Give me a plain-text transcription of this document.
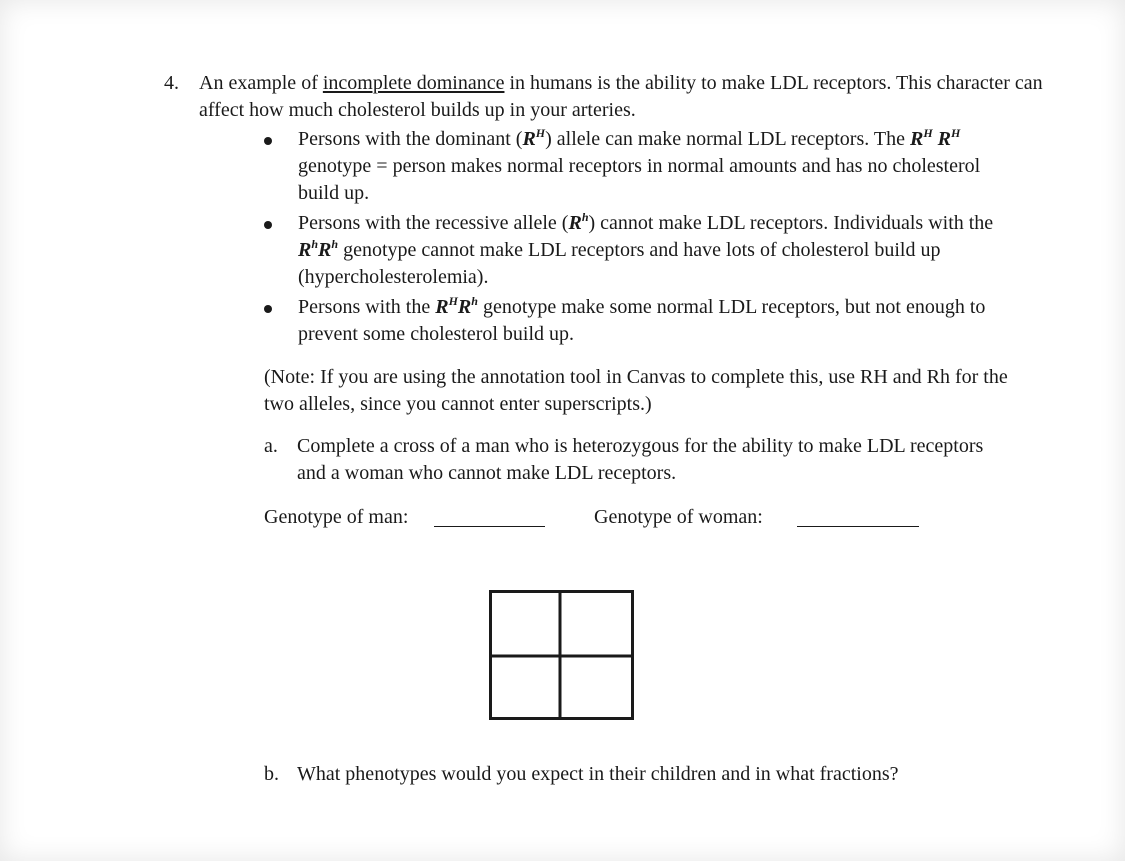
4. An example of incomplete dominance in humans is the ability to make LDL receptors. This character can affect how much cholesterol builds up in your arteries.
Persons with the dominant $(R^H)$ allele can make normal LDL receptors. The $R^H$ $R^H$ genotype = person makes normal receptors in normal amounts and has no cholesterol build up.
Persons with the recessive allele $(R^h)$ cannot make LDL receptors. Individuals with the $R^hR^h$ genotype cannot make LDL receptors and have lots of cholesterol build up (hypercholesterolemia).
Persons with the $R^HR^h$ genotype make some normal LDL receptors, but not enough to prevent some cholesterol build up.
(Note: If you are using the annotation tool in Canvas to complete this, use RH and Rh for the two alleles, since you cannot enter superscripts.)
a. Complete a cross of a man who is heterozygous for the ability to make LDL receptors and a woman who cannot make LDL receptors.
Genotype of man:	Genotype of woman:
b. What phenotypes would you expect in their children and in what fractions?
